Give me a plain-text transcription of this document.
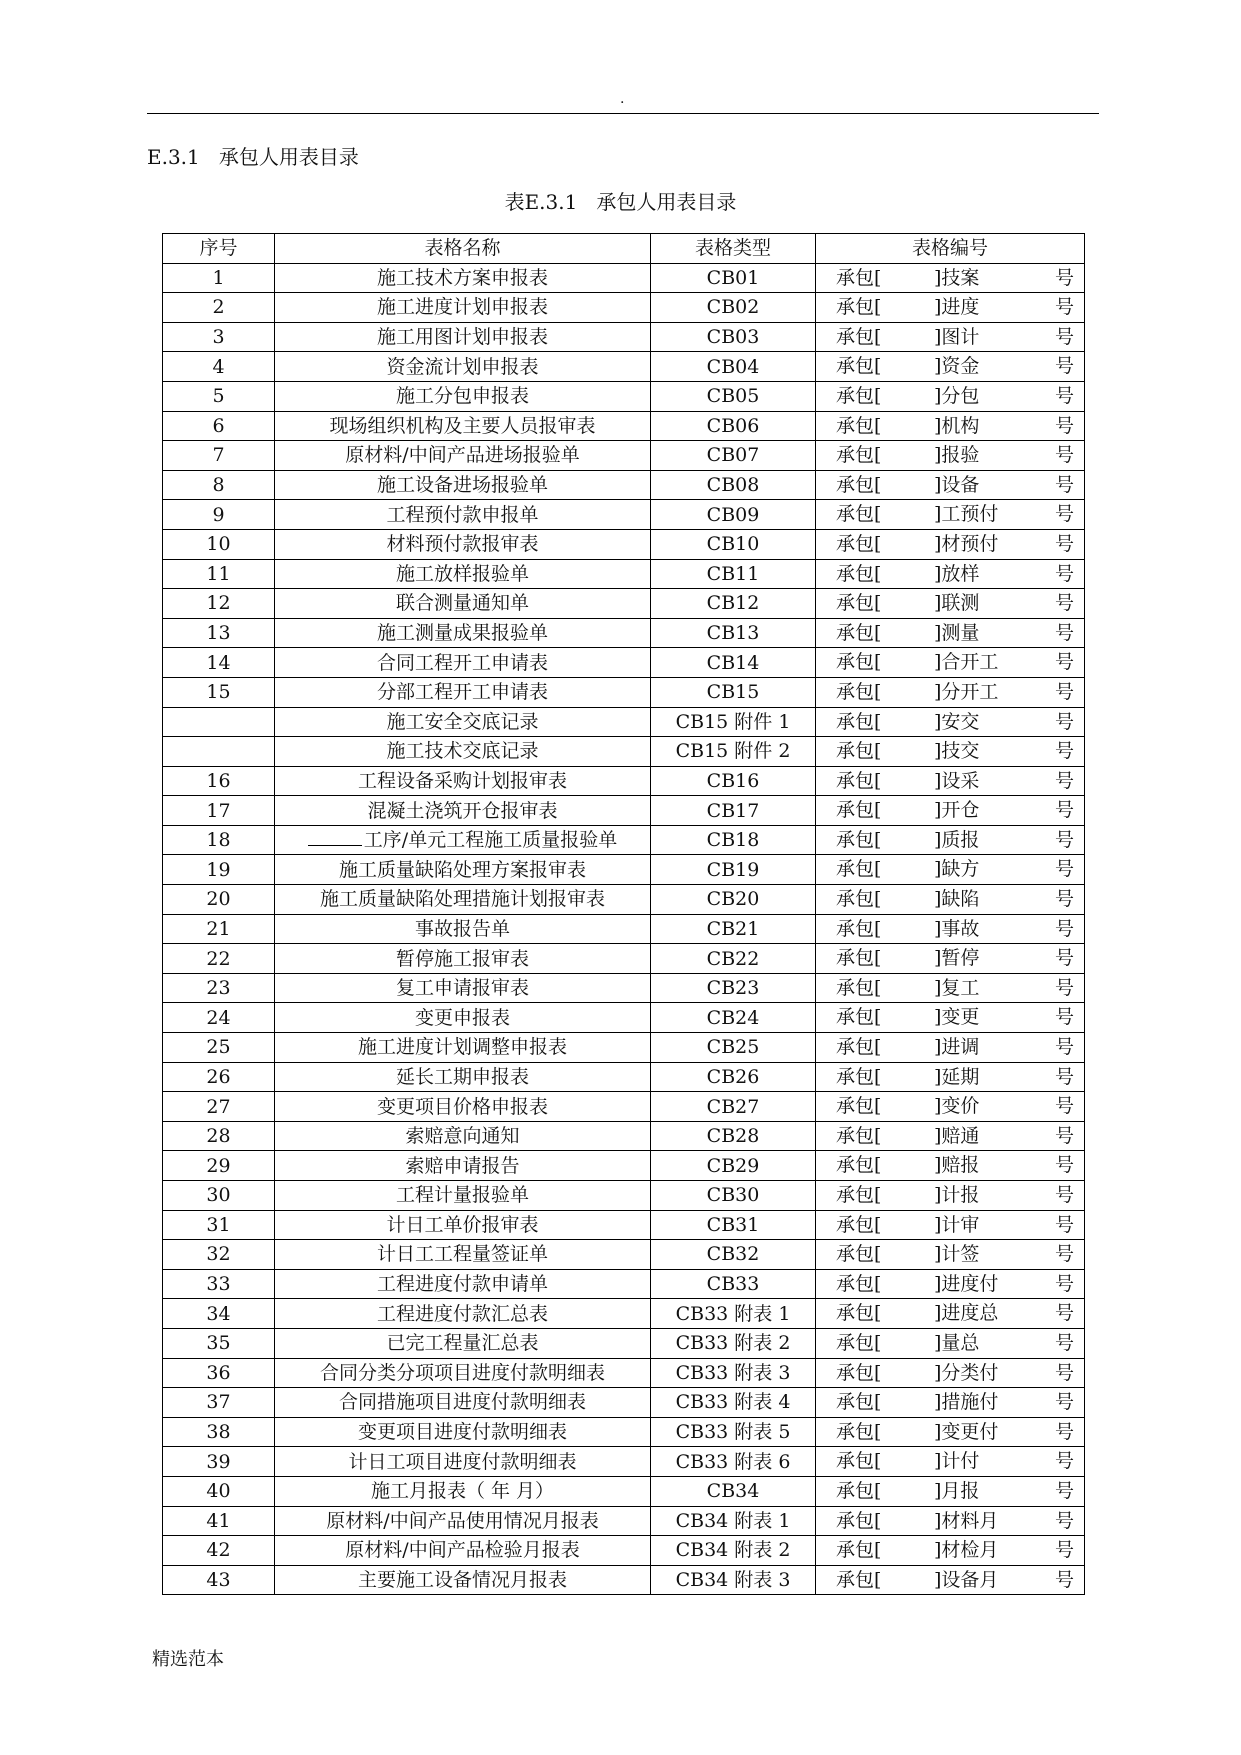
.
E.3.1   承包人用表目录
表E.3.1   承包人用表目录
序号	表格名称	表格类型	表格编号
1	施工技术方案申报表	CB01	承包[ ]技案 号

2	施工进度计划申报表	CB02	承包[ ]进度 号

3	施工用图计划申报表	CB03	承包[ ]图计 号

4	资金流计划申报表	CB04	承包[ ]资金 号

5	施工分包申报表	CB05	承包[ ]分包 号

6	现场组织机构及主要人员报审表	CB06	承包[ ]机构 号

7	原材料/中间产品进场报验单	CB07	承包[ ]报验 号

8	施工设备进场报验单	CB08	承包[ ]设备 号

9	工程预付款申报单	CB09	承包[ ]工预付 号

10	材料预付款报审表	CB10	承包[ ]材预付 号

11	施工放样报验单	CB11	承包[ ]放样 号

12	联合测量通知单	CB12	承包[ ]联测 号

13	施工测量成果报验单	CB13	承包[ ]测量 号

14	合同工程开工申请表	CB14	承包[ ]合开工 号

15	分部工程开工申请表	CB15	承包[ ]分开工 号

	施工安全交底记录	CB15 附件 1	承包[ ]安交 号

	施工技术交底记录	CB15 附件 2	承包[ ]技交 号

16	工程设备采购计划报审表	CB16	承包[ ]设采 号

17	混凝土浇筑开仓报审表	CB17	承包[ ]开仓 号

18	工序/单元工程施工质量报验单	CB18	承包[ ]质报 号

19	施工质量缺陷处理方案报审表	CB19	承包[ ]缺方 号

20	施工质量缺陷处理措施计划报审表	CB20	承包[ ]缺陷 号

21	事故报告单	CB21	承包[ ]事故 号

22	暂停施工报审表	CB22	承包[ ]暂停 号

23	复工申请报审表	CB23	承包[ ]复工 号

24	变更申报表	CB24	承包[ ]变更 号

25	施工进度计划调整申报表	CB25	承包[ ]进调 号

26	延长工期申报表	CB26	承包[ ]延期 号

27	变更项目价格申报表	CB27	承包[ ]变价 号

28	索赔意向通知	CB28	承包[ ]赔通 号

29	索赔申请报告	CB29	承包[ ]赔报 号

30	工程计量报验单	CB30	承包[ ]计报 号

31	计日工单价报审表	CB31	承包[ ]计审 号

32	计日工工程量签证单	CB32	承包[ ]计签 号

33	工程进度付款申请单	CB33	承包[ ]进度付 号

34	工程进度付款汇总表	CB33 附表 1	承包[ ]进度总 号

35	已完工程量汇总表	CB33 附表 2	承包[ ]量总 号

36	合同分类分项项目进度付款明细表	CB33 附表 3	承包[ ]分类付 号

37	合同措施项目进度付款明细表	CB33 附表 4	承包[ ]措施付 号

38	变更项目进度付款明细表	CB33 附表 5	承包[ ]变更付 号

39	计日工项目进度付款明细表	CB33 附表 6	承包[ ]计付 号

40	施工月报表（ 年 月）	CB34	承包[ ]月报 号

41	原材料/中间产品使用情况月报表	CB34 附表 1	承包[ ]材料月 号

42	原材料/中间产品检验月报表	CB34 附表 2	承包[ ]材检月 号

43	主要施工设备情况月报表	CB34 附表 3	承包[ ]设备月 号
精选范本
